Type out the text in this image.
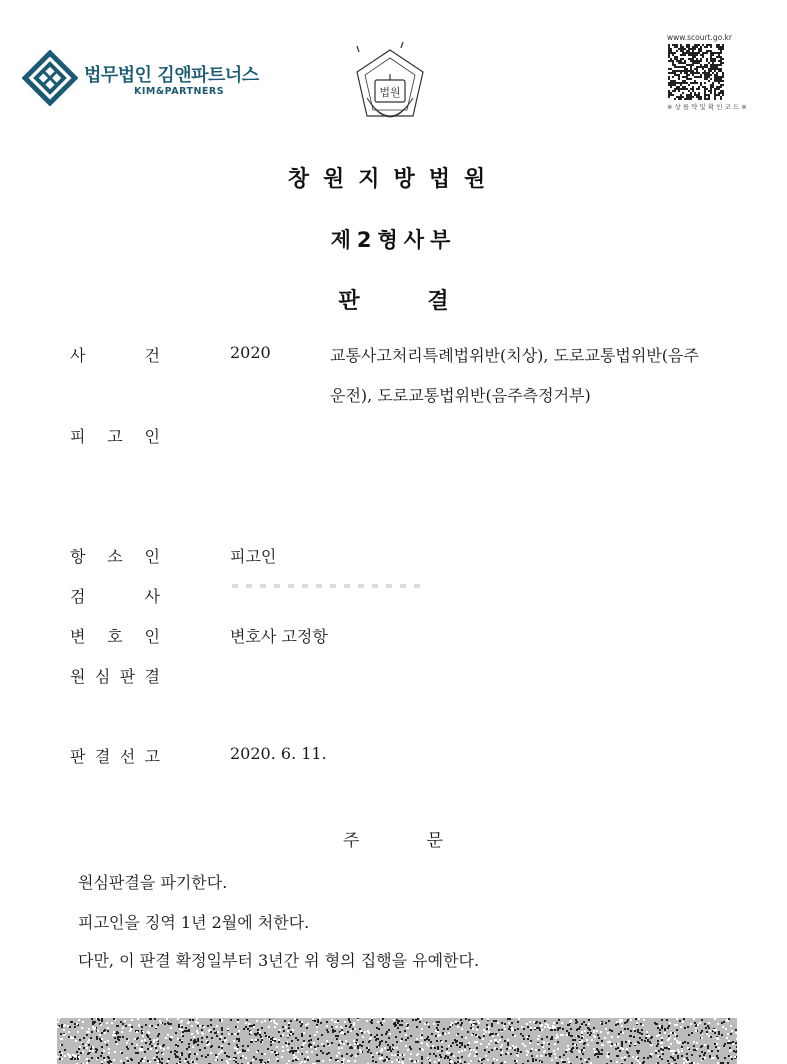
법무법인 김앤파트너스
KIM&PARTNERS	법원
www.scourt.go.kr
※ 상 를 약 및 확 인 코 드 ※
창원지방법원
제2형사부
판 결
사	건	2020	교통사고처리특례법위반(치상), 도로교통법위반(음주
운전), 도로교통법위반(음주측정거부)
피 고 인
항 소 인	피고인
검	사
변 호 인	변호사 고정항
원 심 판 결
판 결 선 고	2020. 6. 11.
주	문
원심판결을 파기한다.
피고인을 징역 1년 2월에 처한다.
다만, 이 판결 확정일부터 3년간 위 형의 집행을 유예한다.
